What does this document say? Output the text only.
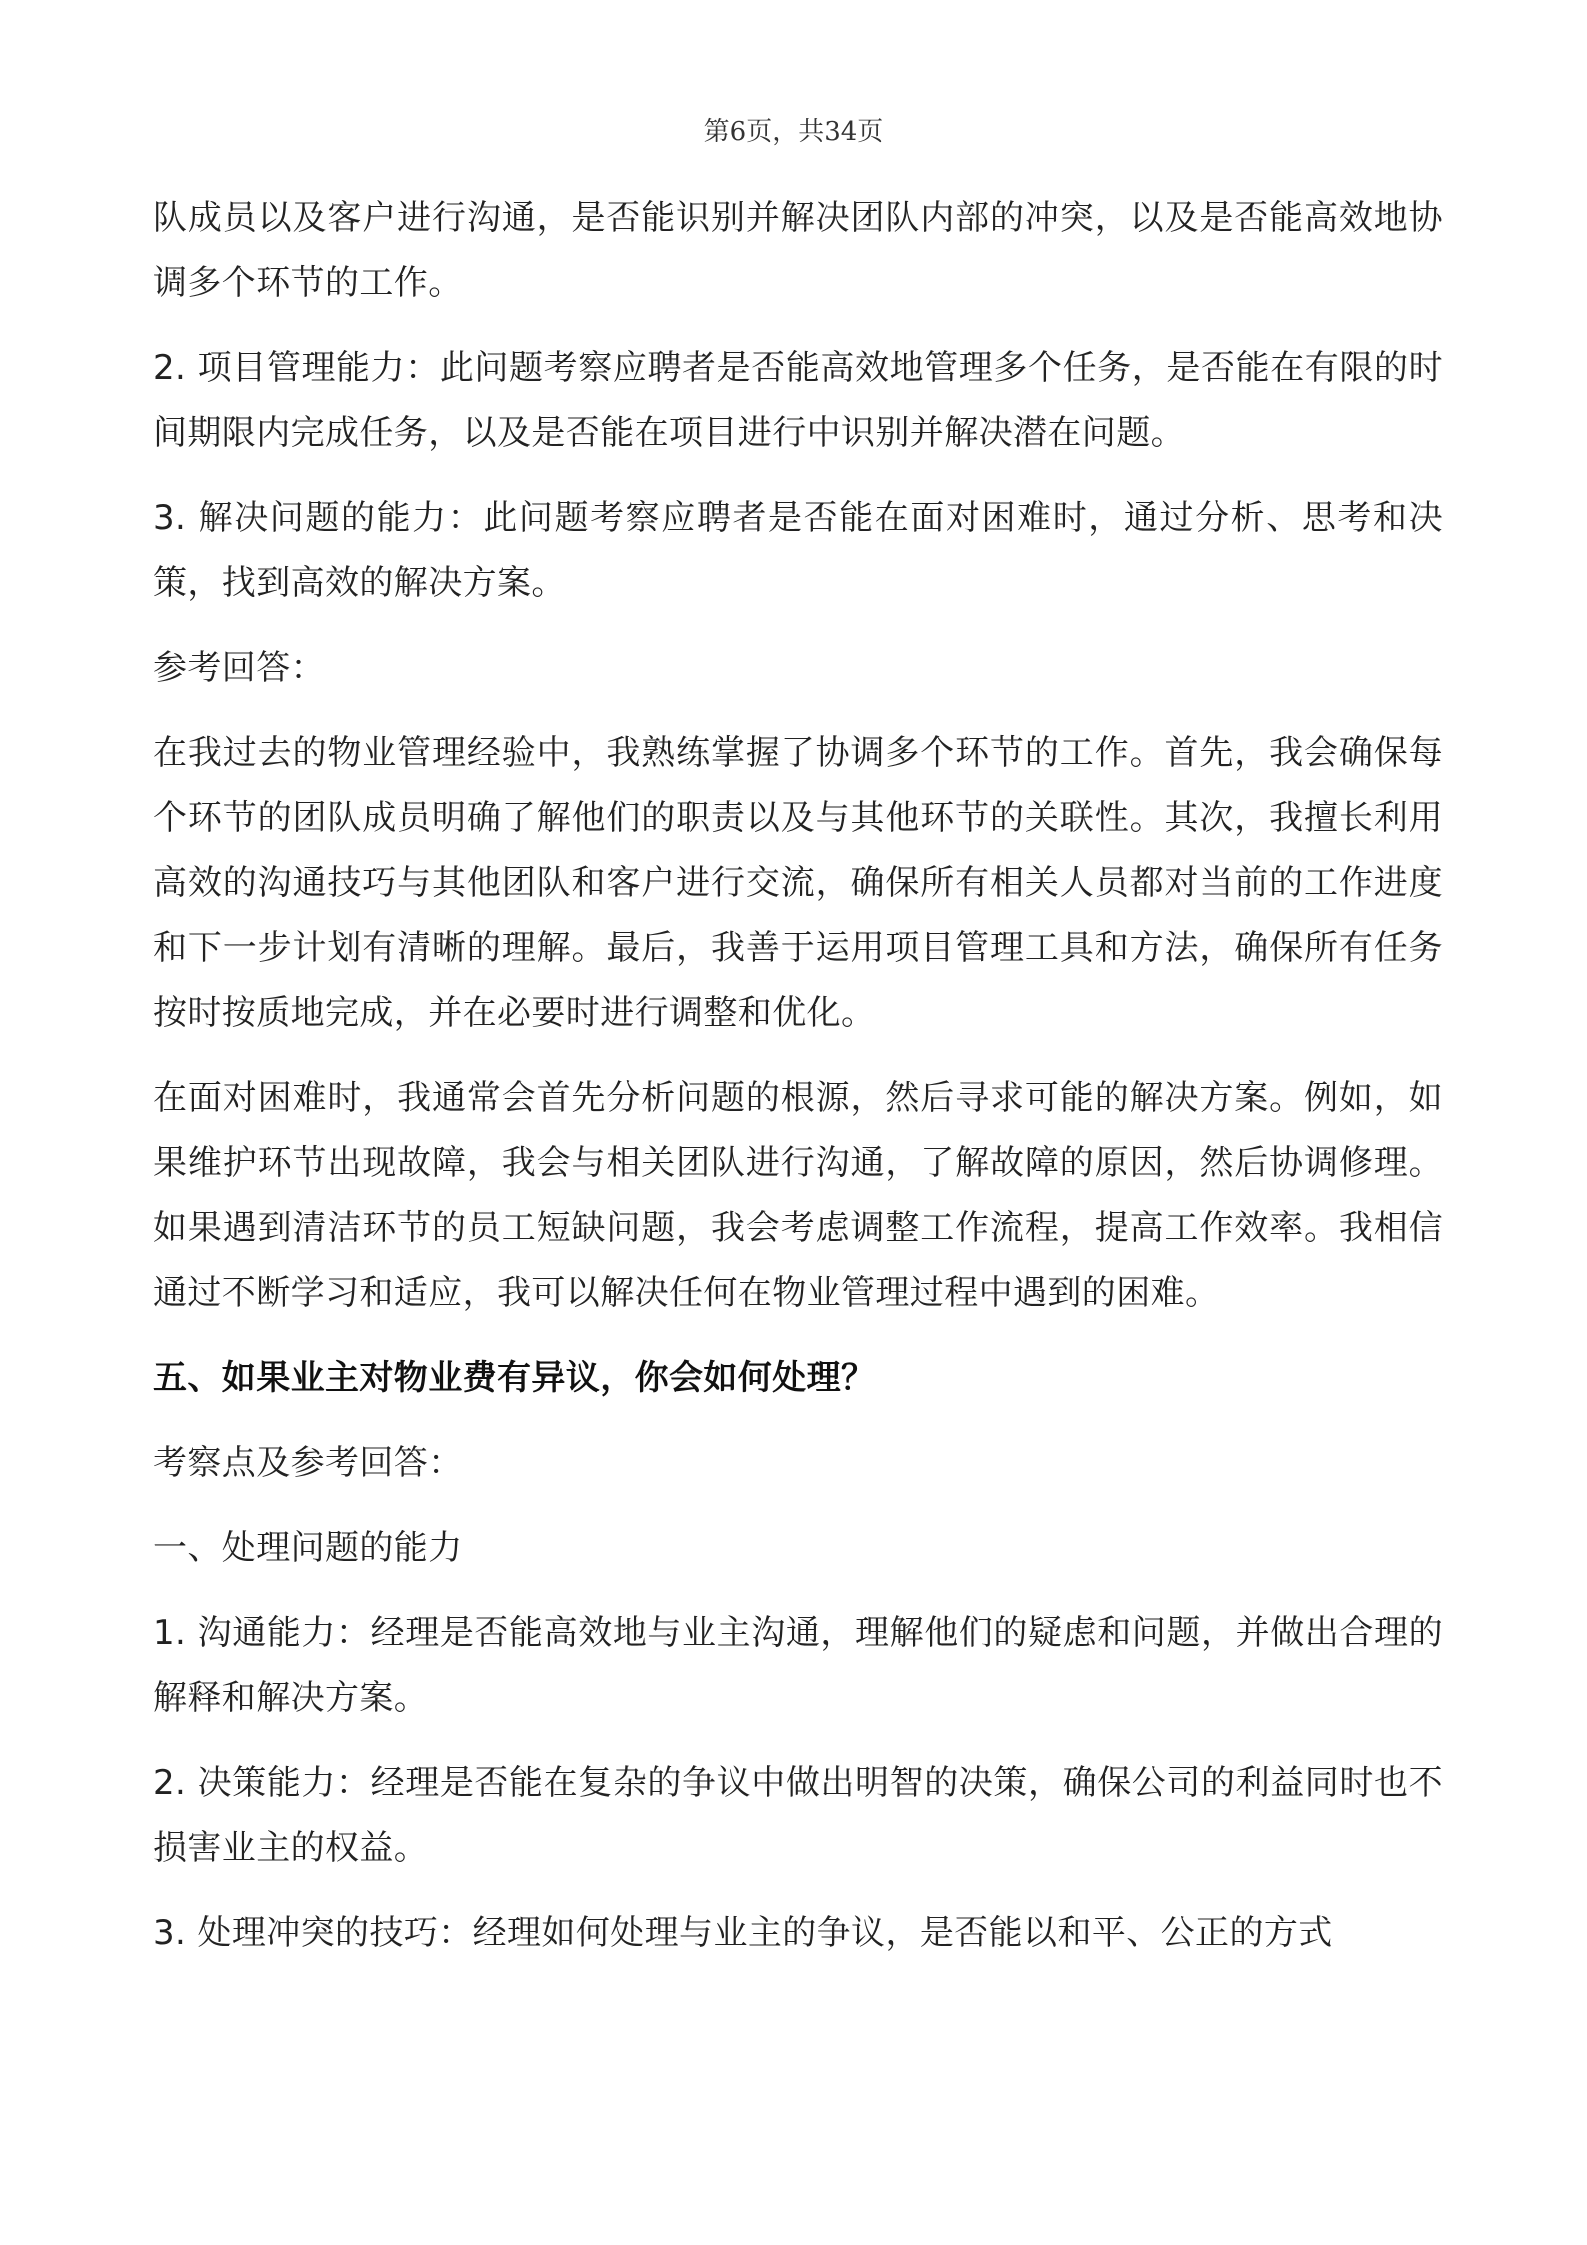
第6页，共34页

队成员以及客户进行沟通，是否能识别并解决团队内部的冲突，以及是否能高效地协调多个环节的工作。

2. 项目管理能力：此问题考察应聘者是否能高效地管理多个任务，是否能在有限的时间期限内完成任务，以及是否能在项目进行中识别并解决潜在问题。

3. 解决问题的能力：此问题考察应聘者是否能在面对困难时，通过分析、思考和决策，找到高效的解决方案。

参考回答：

在我过去的物业管理经验中，我熟练掌握了协调多个环节的工作。首先，我会确保每个环节的团队成员明确了解他们的职责以及与其他环节的关联性。其次，我擅长利用高效的沟通技巧与其他团队和客户进行交流，确保所有相关人员都对当前的工作进度和下一步计划有清晰的理解。最后，我善于运用项目管理工具和方法，确保所有任务按时按质地完成，并在必要时进行调整和优化。

在面对困难时，我通常会首先分析问题的根源，然后寻求可能的解决方案。例如，如果维护环节出现故障，我会与相关团队进行沟通，了解故障的原因，然后协调修理。如果遇到清洁环节的员工短缺问题，我会考虑调整工作流程，提高工作效率。我相信通过不断学习和适应，我可以解决任何在物业管理过程中遇到的困难。

五、如果业主对物业费有异议，你会如何处理？

考察点及参考回答：

一、处理问题的能力

1. 沟通能力：经理是否能高效地与业主沟通，理解他们的疑虑和问题，并做出合理的解释和解决方案。

2. 决策能力：经理是否能在复杂的争议中做出明智的决策，确保公司的利益同时也不损害业主的权益。

3. 处理冲突的技巧：经理如何处理与业主的争议，是否能以和平、公正的方式
